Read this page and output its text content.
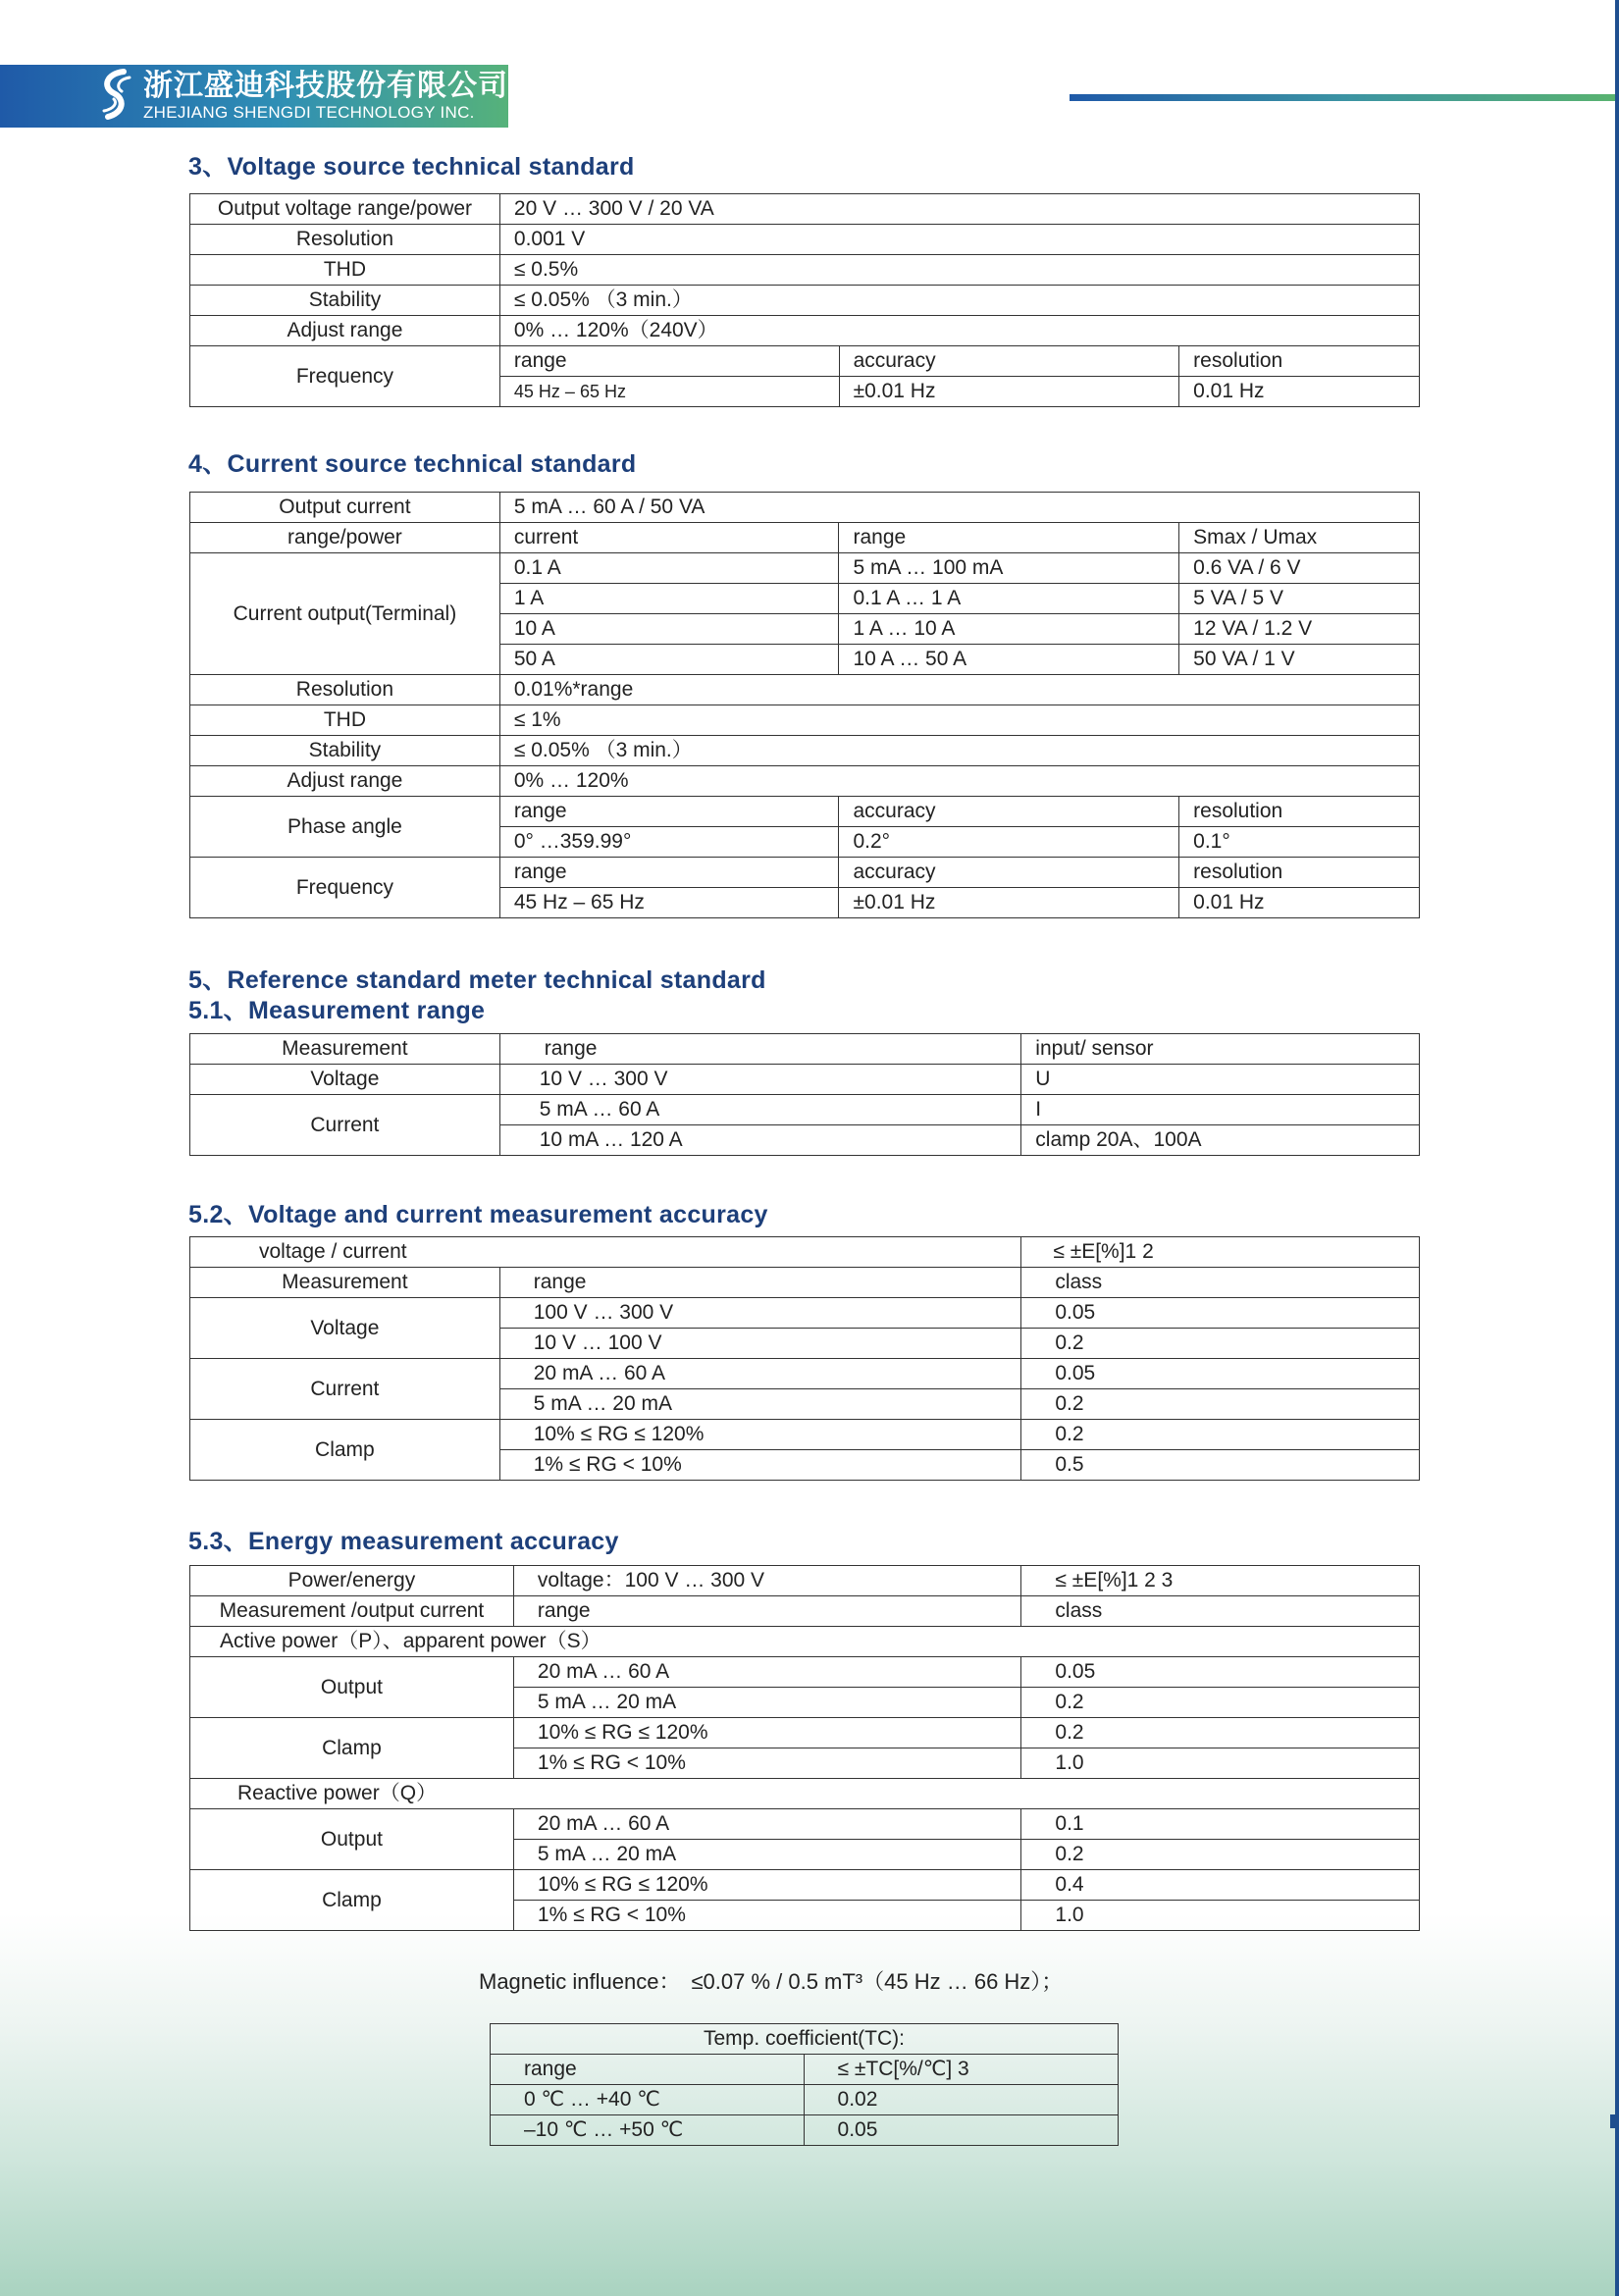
浙江盛迪科技股份有限公司
ZHEJIANG SHENGDI TECHNOLOGY INC.
3、Voltage source technical standard
Output voltage range/power	20 V … 300 V / 20 VA		
Resolution	0.001 V		
THD	≤ 0.5%		
Stability	≤ 0.05% （3 min.）		
Adjust range	0% … 120%（240V）		
Frequency	range	accuracy	resolution
	45 Hz – 65 Hz	±0.01 Hz	0.01 Hz
4、Current source technical standard
Output current	5 mA … 60 A / 50 VA		
range/power	current	range	Smax / Umax
Current output(Terminal)	0.1 A	5 mA … 100 mA	0.6 VA / 6 V
	1 A	0.1 A … 1 A	5 VA / 5 V
	10 A	1 A … 10 A	12 VA / 1.2 V
	50 A	10 A … 50 A	50 VA / 1 V
Resolution	0.01%*range		
THD	≤ 1%		
Stability	≤ 0.05% （3 min.）		
Adjust range	0% … 120%		
Phase angle	range	accuracy	resolution
	0° …359.99°	0.2°	0.1°
Frequency	range	accuracy	resolution
	45 Hz – 65 Hz	±0.01 Hz	0.01 Hz
5、Reference standard meter technical standard
5.1、Measurement range
Measurement	range	input/ sensor
Voltage	10 V … 300 V	U
Current	5 mA … 60 A	I
	10 mA … 120 A	clamp 20A、100A
5.2、Voltage and current measurement accuracy
voltage / current		≤ ±E[%]1 2
Measurement	range	class
Voltage	100 V … 300 V	0.05
	10 V … 100 V	0.2
Current	20 mA … 60 A	0.05
	5 mA … 20 mA	0.2
Clamp	10% ≤ RG ≤ 120%	0.2
	1% ≤ RG < 10%	0.5
5.3、Energy measurement accuracy
Power/energy	voltage：100 V … 300 V	≤ ±E[%]1 2 3
Measurement /output current	range	class
Active power（P）、apparent power（S）		
Output	20 mA … 60 A	0.05
	5 mA … 20 mA	0.2
Clamp	10% ≤ RG ≤ 120%	0.2
	1% ≤ RG < 10%	1.0
Reactive power（Q）		
Output	20 mA … 60 A	0.1
	5 mA … 20 mA	0.2
Clamp	10% ≤ RG ≤ 120%	0.4
	1% ≤ RG < 10%	1.0
Magnetic influence：　≤0.07 % / 0.5 mT³（45 Hz … 66 Hz）；
Temp. coefficient(TC):	
range	≤ ±TC[%/℃] 3
0 ℃ … +40 ℃	0.02
–10 ℃ … +50 ℃	0.05
